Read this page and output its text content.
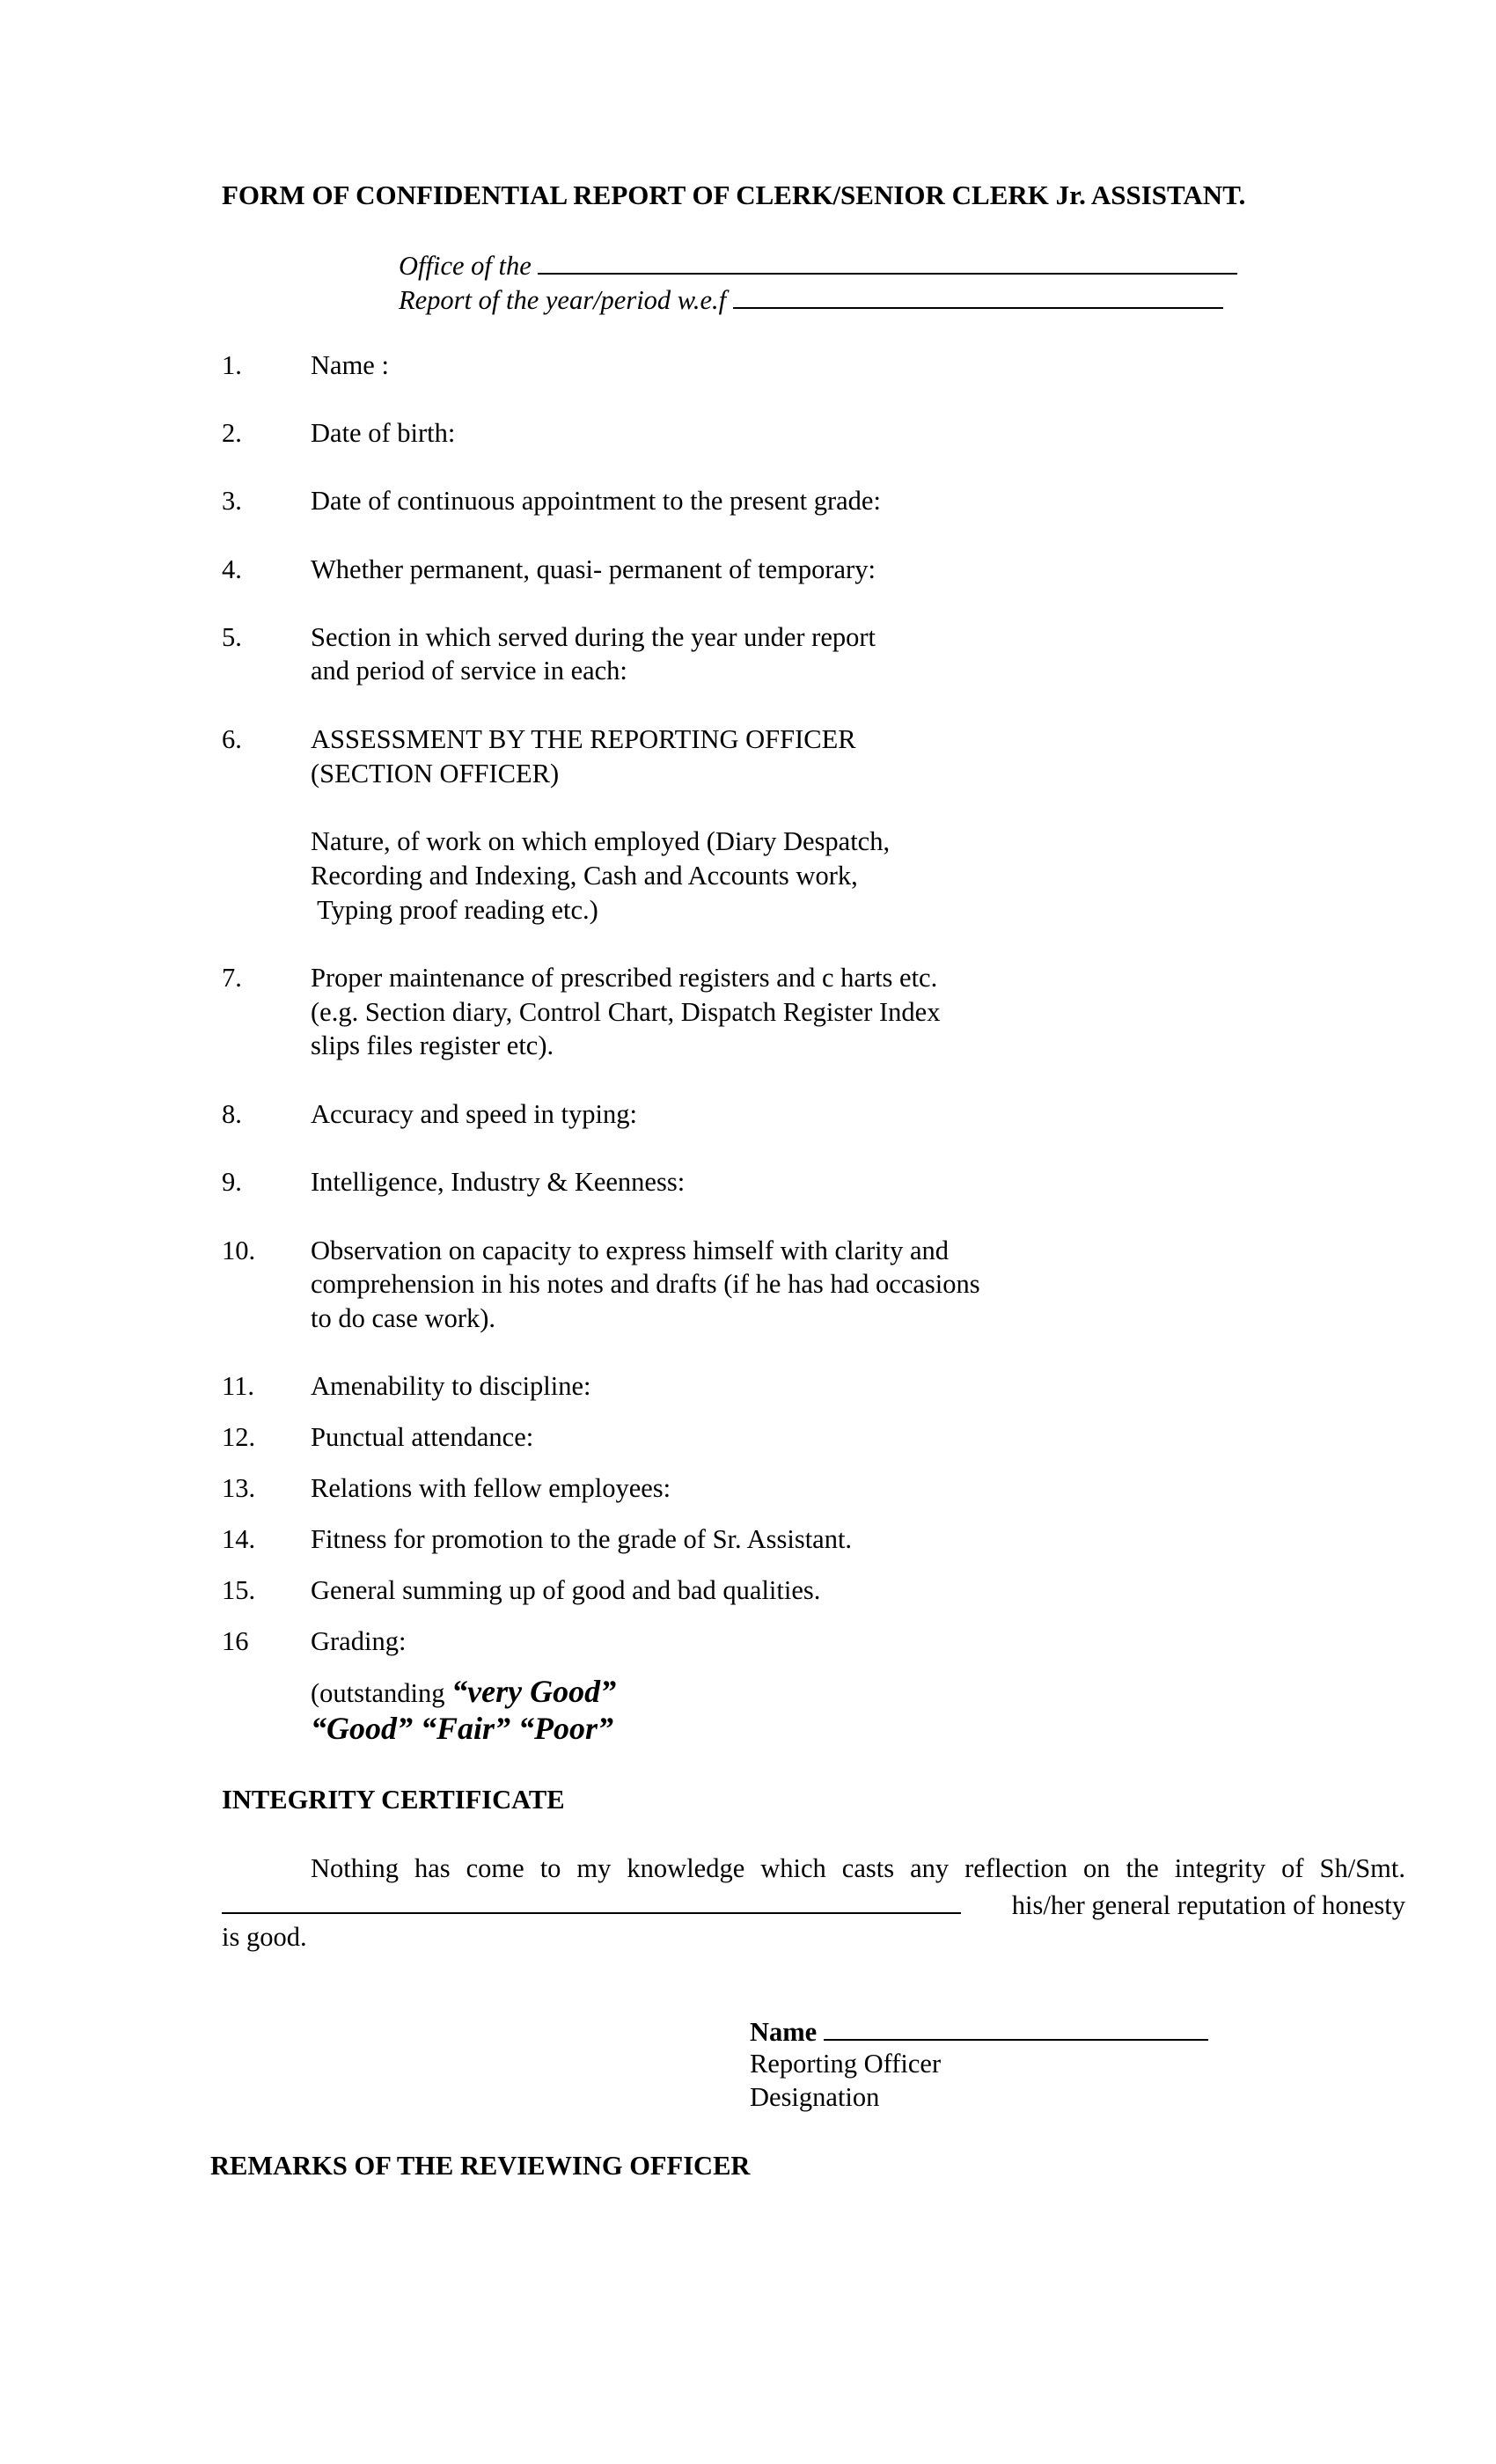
FORM OF CONFIDENTIAL REPORT OF CLERK/SENIOR CLERK Jr. ASSISTANT.
Office of the
Report of the year/period w.e.f
1.	Name :
2.	Date of birth:
3.	Date of continuous appointment to the present grade:
4.	Whether permanent, quasi- permanent of temporary:
5.	Section in which served during the year under report
and period of service in each:
6.	ASSESSMENT BY THE REPORTING OFFICER
(SECTION OFFICER)
Nature, of work on which employed (Diary Despatch,
Recording and Indexing, Cash and Accounts work,
Typing proof reading etc.)
7.	Proper maintenance of prescribed registers and c harts etc.
(e.g. Section diary, Control Chart, Dispatch Register Index
slips files register etc).
8.	Accuracy and speed in typing:
9.	Intelligence, Industry & Keenness:
10. Observation on capacity to express himself with clarity and
comprehension in his notes and drafts (if he has had occasions
to do case work).
11. Amenability to discipline:
12. Punctual attendance:
13. Relations with fellow employees:
14. Fitness for promotion to the grade of Sr. Assistant.
15. General summing up of good and bad qualities.
16 Grading:
(outstanding “very Good”
“Good” “Fair” “Poor”
INTEGRITY CERTIFICATE
Nothing has come to my knowledge which casts any reflection on the integrity of Sh/Smt.
his/her general reputation of honesty
is good.
Name
Reporting Officer
Designation
REMARKS OF THE REVIEWING OFFICER
